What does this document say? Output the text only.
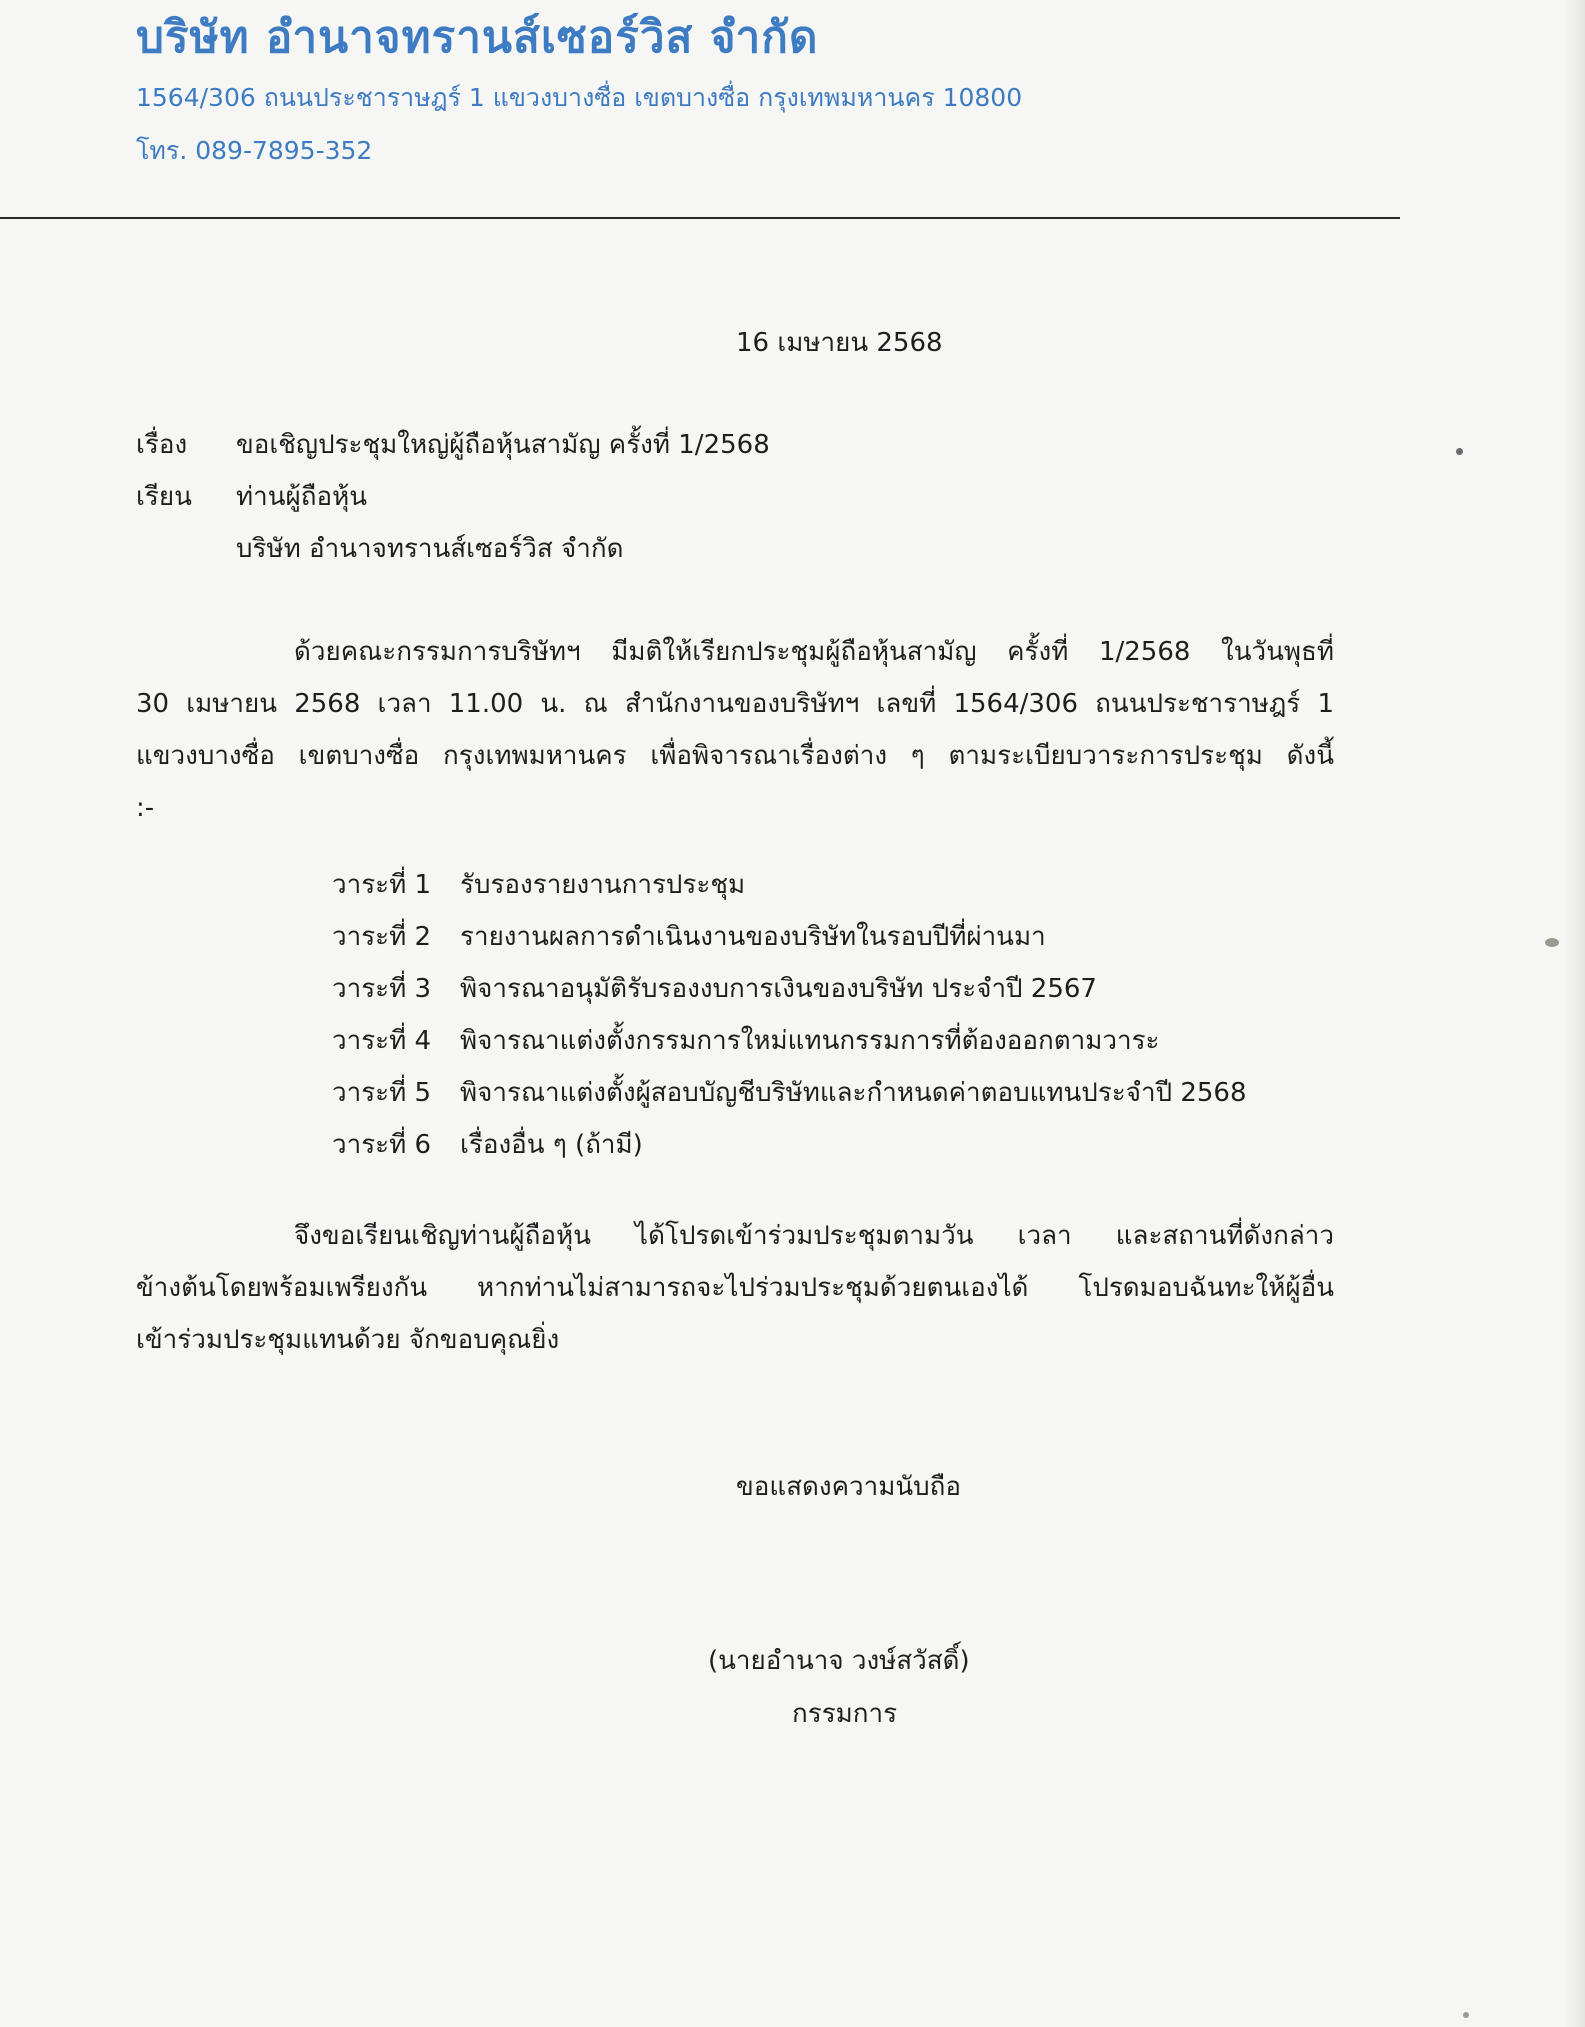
บริษัท อำนาจทรานส์เซอร์วิส จำกัด
1564/306 ถนนประชาราษฎร์ 1 แขวงบางซื่อ เขตบางซื่อ กรุงเทพมหานคร 10800
โทร. 089-7895-352
16 เมษายน 2568
เรื่อง ขอเชิญประชุมใหญ่ผู้ถือหุ้นสามัญ ครั้งที่ 1/2568
เรียน ท่านผู้ถือหุ้น
บริษัท อำนาจทรานส์เซอร์วิส จำกัด
ด้วยคณะกรรมการบริษัทฯ มีมติให้เรียกประชุมผู้ถือหุ้นสามัญ ครั้งที่ 1/2568 ในวันพุธที่
30 เมษายน 2568 เวลา 11.00 น. ณ สำนักงานของบริษัทฯ เลขที่ 1564/306 ถนนประชาราษฎร์ 1
แขวงบางซื่อ เขตบางซื่อ กรุงเทพมหานคร เพื่อพิจารณาเรื่องต่าง ๆ ตามระเบียบวาระการประชุม ดังนี้
:-
วาระที่ 1	รับรองรายงานการประชุม
วาระที่ 2	รายงานผลการดำเนินงานของบริษัทในรอบปีที่ผ่านมา
วาระที่ 3	พิจารณาอนุมัติรับรองงบการเงินของบริษัท ประจำปี 2567
วาระที่ 4	พิจารณาแต่งตั้งกรรมการใหม่แทนกรรมการที่ต้องออกตามวาระ
วาระที่ 5	พิจารณาแต่งตั้งผู้สอบบัญชีบริษัทและกำหนดค่าตอบแทนประจำปี 2568
วาระที่ 6	เรื่องอื่น ๆ (ถ้ามี)
จึงขอเรียนเชิญท่านผู้ถือหุ้น ได้โปรดเข้าร่วมประชุมตามวัน เวลา และสถานที่ดังกล่าว
ข้างต้นโดยพร้อมเพรียงกัน หากท่านไม่สามารถจะไปร่วมประชุมด้วยตนเองได้ โปรดมอบฉันทะให้ผู้อื่น
เข้าร่วมประชุมแทนด้วย จักขอบคุณยิ่ง
ขอแสดงความนับถือ
(นายอำนาจ วงษ์สวัสดิ์)
กรรมการ
